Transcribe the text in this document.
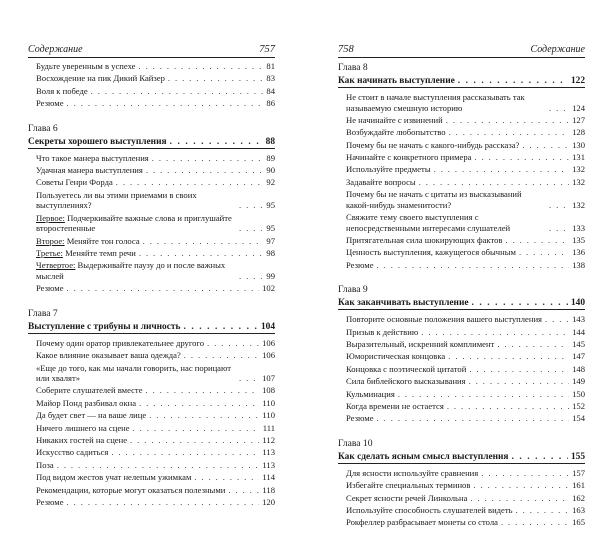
Содержание	757
Будьте уверенным в успехе . . .	81
Восхождение на пик Дикий Кайзер . . .	83
Воля к победе . . .	84
Резюме . . .	86
Глава 6
Секреты хорошего выступления . . .	88
Что такое манера выступления . . .	89
Удачная манера выступления . . .	90
Советы Генри Форда . . .	92
Пользуетесь ли вы этими приемами в своих выступлениях? . . .	95
Первое: Подчеркивайте важные слова и приглушайте второстепенные . . .	95
Второе: Меняйте тон голоса . . .	97
Третье: Меняйте темп речи . . .	98
Четвертое: Выдерживайте паузу до и после важных мыслей . . .	99
Резюме . . .	102
Глава 7
Выступление с трибуны и личность . . .	104
Почему один оратор привлекательнее другого . . .	106
Какое влияние оказывает ваша одежда? . . .	106
«Еще до того, как мы начали говорить, нас порицают или хвалят» . . .	107
Соберите слушателей вместе . . .	108
Майор Понд разбивал окна . . .	110
Да будет свет — на ваше лице . . .	110
Ничего лишнего на сцене . . .	111
Никаких гостей на сцене . . .	112
Искусство садиться . . .	113
Поза . . .	113
Под видом жестов учат нелепым ужимкам . . .	114
Рекомендации, которые могут оказаться полезными . . .	118
Резюме . . .	120
758	Содержание
Глава 8
Как начинать выступление . . .	122
Не стоит в начале выступления рассказывать так называемую смешную историю . . .	124
Не начинайте с извинений . . .	127
Возбуждайте любопытство . . .	128
Почему бы не начать с какого-нибудь рассказа? . . .	130
Начинайте с конкретного примера . . .	131
Используйте предметы . . .	132
Задавайте вопросы . . .	132
Почему бы не начать с цитаты из высказываний какой-нибудь знаменитости? . . .	132
Свяжите тему своего выступления с непосредственными интересами слушателей . . .	133
Притягательная сила шокирующих фактов . . .	135
Ценность выступления, кажущегося обычным . . .	136
Резюме . . .	138
Глава 9
Как заканчивать выступление . . .	140
Повторите основные положения вашего выступления . . .	143
Призыв к действию . . .	144
Выразительный, искренний комплимент . . .	145
Юмористическая концовка . . .	147
Концовка с поэтической цитатой . . .	148
Сила библейского высказывания . . .	149
Кульминация . . .	150
Когда времени не остается . . .	152
Резюме . . .	154
Глава 10
Как сделать ясным смысл выступления . . .	155
Для ясности используйте сравнения . . .	157
Избегайте специальных терминов . . .	161
Секрет ясности речей Линкольна . . .	162
Используйте способность слушателей видеть . . .	163
Рокфеллер разбрасывает монеты со стола . . .	165
